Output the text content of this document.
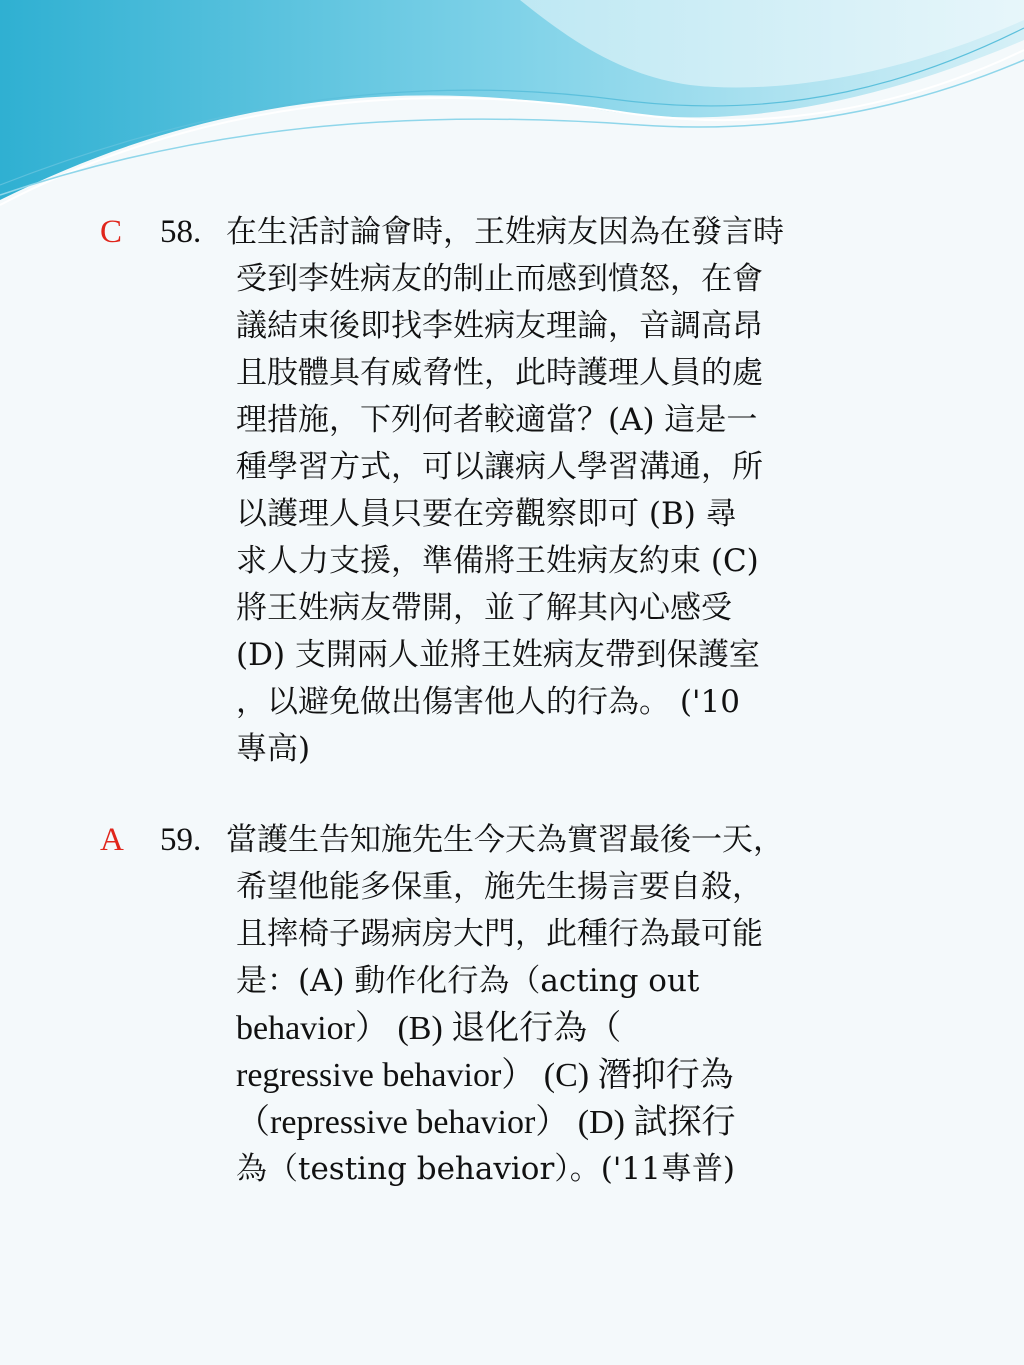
C 58. 在生活討論會時，王姓病友因為在發言時
受到李姓病友的制止而感到憤怒，在會
議結束後即找李姓病友理論，音調高昂
且肢體具有威脅性，此時護理人員的處
理措施，下列何者較適當？(A) 這是一
種學習方式，可以讓病人學習溝通，所
以護理人員只要在旁觀察即可 (B) 尋
求人力支援，準備將王姓病友約束 (C)
將王姓病友帶開，並了解其內心感受
(D) 支開兩人並將王姓病友帶到保護室
，以避免做出傷害他人的行為。 ('10
專高)
A 59. 當護生告知施先生今天為實習最後一天，
希望他能多保重，施先生揚言要自殺，
且摔椅子踢病房大門，此種行為最可能
是：(A) 動作化行為（acting out
behavior） (B) 退化行為（
regressive behavior） (C) 潛抑行為
（repressive behavior） (D) 試探行
為（testing behavior）。('11專普)
